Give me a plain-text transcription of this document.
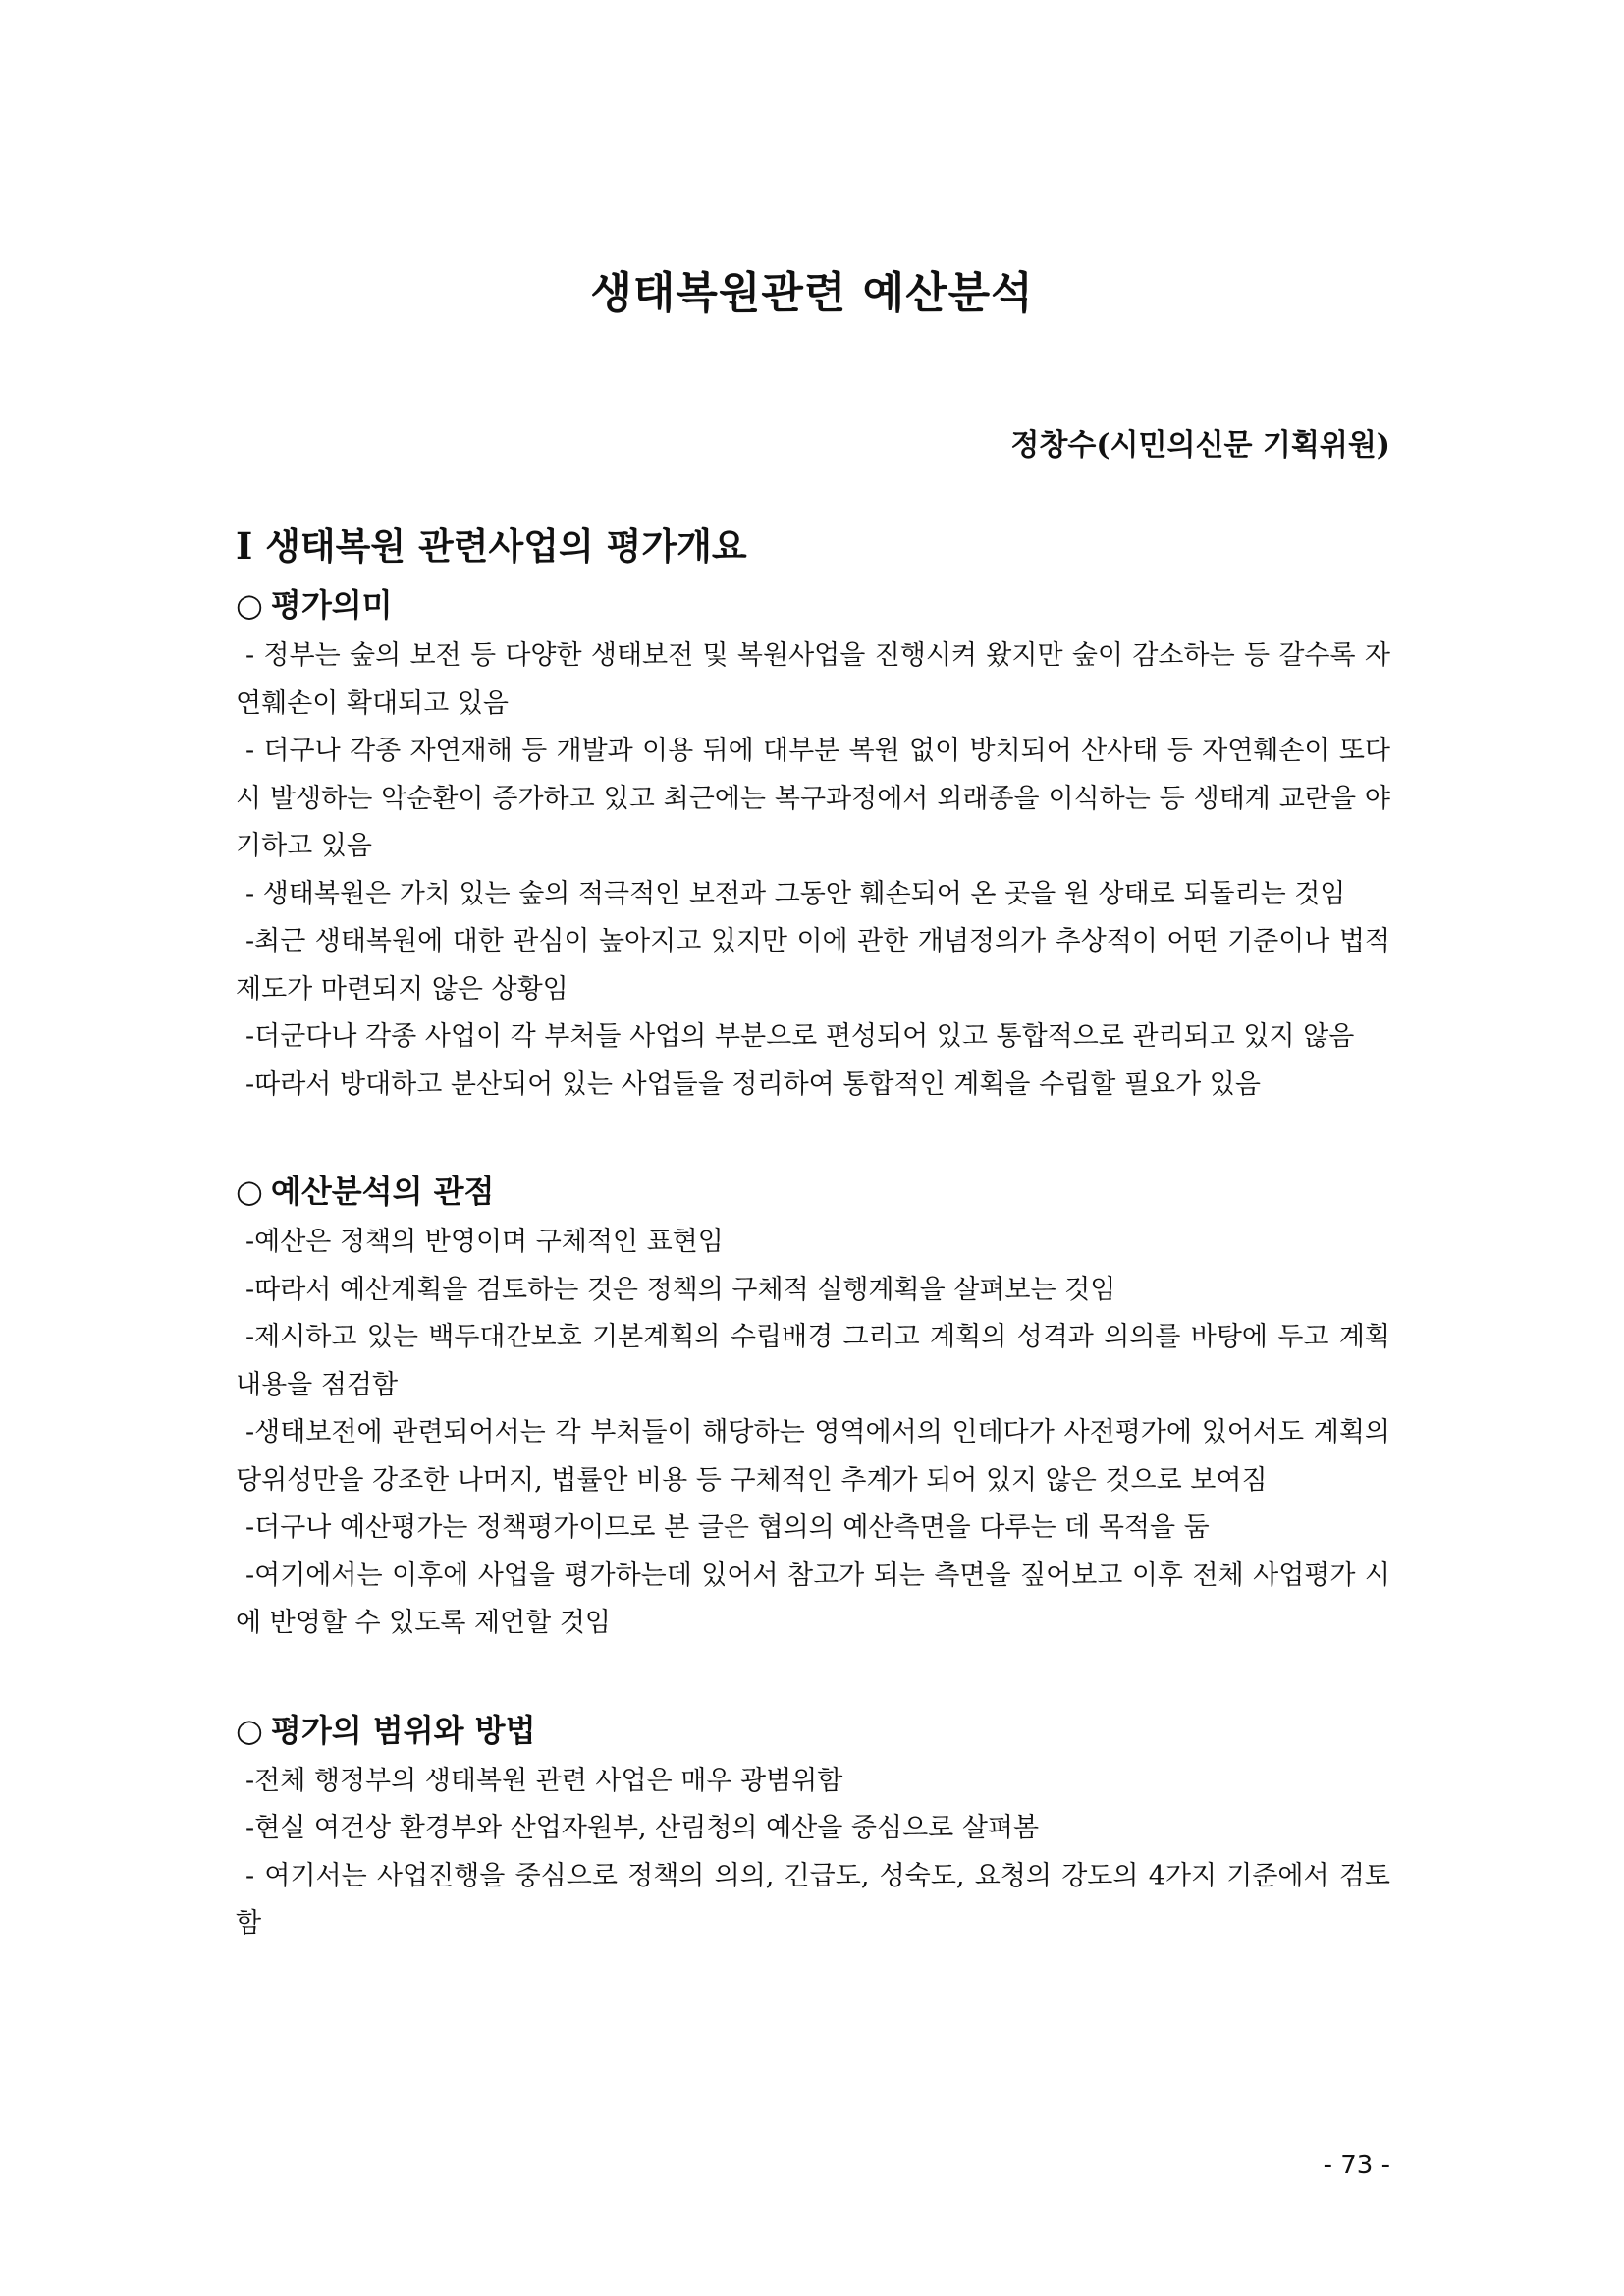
생태복원관련 예산분석

정창수(시민의신문 기획위원)

Ⅰ 생태복원 관련사업의 평가개요
○ 평가의미

- 정부는 숲의 보전 등 다양한 생태보전 및 복원사업을 진행시켜 왔지만 숲이 감소하는 등 갈수록 자연훼손이 확대되고 있음

- 더구나 각종 자연재해 등 개발과 이용 뒤에 대부분 복원 없이 방치되어 산사태 등 자연훼손이 또다시 발생하는 악순환이 증가하고 있고 최근에는 복구과정에서 외래종을 이식하는 등 생태계 교란을 야기하고 있음

- 생태복원은 가치 있는 숲의 적극적인 보전과 그동안 훼손되어 온 곳을 원 상태로 되돌리는 것임

-최근 생태복원에 대한 관심이 높아지고 있지만 이에 관한 개념정의가 추상적이 어떤 기준이나 법적 제도가 마련되지 않은 상황임

-더군다나 각종 사업이 각 부처들 사업의 부분으로 편성되어 있고 통합적으로 관리되고 있지 않음

-따라서 방대하고 분산되어 있는 사업들을 정리하여 통합적인 계획을 수립할 필요가 있음

○ 예산분석의 관점

-예산은 정책의 반영이며 구체적인 표현임

-따라서 예산계획을 검토하는 것은 정책의 구체적 실행계획을 살펴보는 것임

-제시하고 있는 백두대간보호 기본계획의 수립배경 그리고 계획의 성격과 의의를 바탕에 두고 계획내용을 점검함

-생태보전에 관련되어서는 각 부처들이 해당하는 영역에서의 인데다가 사전평가에 있어서도 계획의 당위성만을 강조한 나머지, 법률안 비용 등 구체적인 추계가 되어 있지 않은 것으로 보여짐

-더구나 예산평가는 정책평가이므로 본 글은 협의의 예산측면을 다루는 데 목적을 둠

-여기에서는 이후에 사업을 평가하는데 있어서 참고가 되는 측면을 짚어보고 이후 전체 사업평가 시에 반영할 수 있도록 제언할 것임

○ 평가의 범위와 방법

-전체 행정부의 생태복원 관련 사업은 매우 광범위함

-현실 여건상 환경부와 산업자원부, 산림청의 예산을 중심으로 살펴봄

- 여기서는 사업진행을 중심으로 정책의 의의, 긴급도, 성숙도, 요청의 강도의 4가지 기준에서 검토함

- 73 -
